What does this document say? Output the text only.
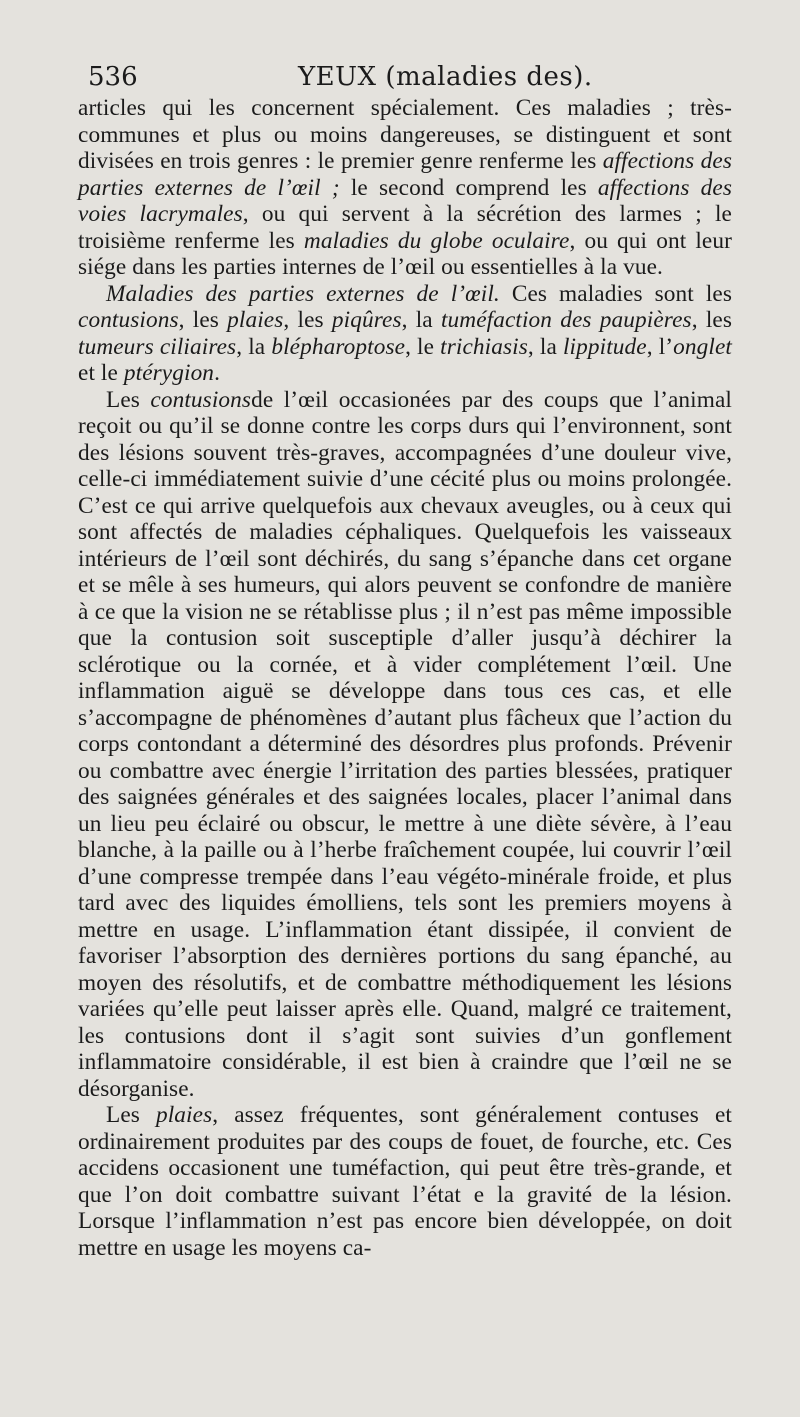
536	YEUX (maladies des).

articles qui les concernent spécialement. Ces maladies ; très-communes et plus ou moins dangereuses, se distinguent et sont divisées en trois genres : le premier genre renferme les affections des parties externes de l’œil ; le second comprend les affections des voies lacrymales, ou qui servent à la sécrétion des larmes ; le troisième renferme les maladies du globe oculaire, ou qui ont leur siége dans les parties internes de l’œil ou essentielles à la vue.

Maladies des parties externes de l’œil. Ces maladies sont les contusions, les plaies, les piqûres, la tuméfaction des paupières, les tumeurs ciliaires, la blépharoptose, le trichiasis, la lippitude, l’onglet et le ptérygion.

Les contusionsde l’œil occasionées par des coups que l’animal reçoit ou qu’il se donne contre les corps durs qui l’environnent, sont des lésions souvent très-graves, accompagnées d’une douleur vive, celle-ci immédiatement suivie d’une cécité plus ou moins prolongée. C’est ce qui arrive quelquefois aux chevaux aveugles, ou à ceux qui sont affectés de maladies céphaliques. Quelquefois les vaisseaux intérieurs de l’œil sont déchirés, du sang s’épanche dans cet organe et se mêle à ses humeurs, qui alors peuvent se confondre de manière à ce que la vision ne se rétablisse plus ; il n’est pas même impossible que la contusion soit susceptiple d’aller jusqu’à déchirer la sclérotique ou la cornée, et à vider complétement l’œil. Une inflammation aiguë se développe dans tous ces cas, et elle s’accompagne de phénomènes d’autant plus fâcheux que l’action du corps contondant a déterminé des désordres plus profonds. Prévenir ou combattre avec énergie l’irritation des parties blessées, pratiquer des saignées générales et des saignées locales, placer l’animal dans un lieu peu éclairé ou obscur, le mettre à une diète sévère, à l’eau blanche, à la paille ou à l’herbe fraîchement coupée, lui couvrir l’œil d’une compresse trempée dans l’eau végéto-minérale froide, et plus tard avec des liquides émolliens, tels sont les premiers moyens à mettre en usage. L’inflammation étant dissipée, il convient de favoriser l’absorption des dernières portions du sang épanché, au moyen des résolutifs, et de combattre méthodiquement les lésions variées qu’elle peut laisser après elle. Quand, malgré ce traitement, les contusions dont il s’agit sont suivies d’un gonflement inflammatoire considérable, il est bien à craindre que l’œil ne se désorganise.

Les plaies, assez fréquentes, sont généralement contuses et ordinairement produites par des coups de fouet, de fourche, etc. Ces accidens occasionent une tuméfaction, qui peut être très-grande, et que l’on doit combattre suivant l’état e la gravité de la lésion. Lorsque l’inflammation n’est pas encore bien développée, on doit mettre en usage les moyens ca-
